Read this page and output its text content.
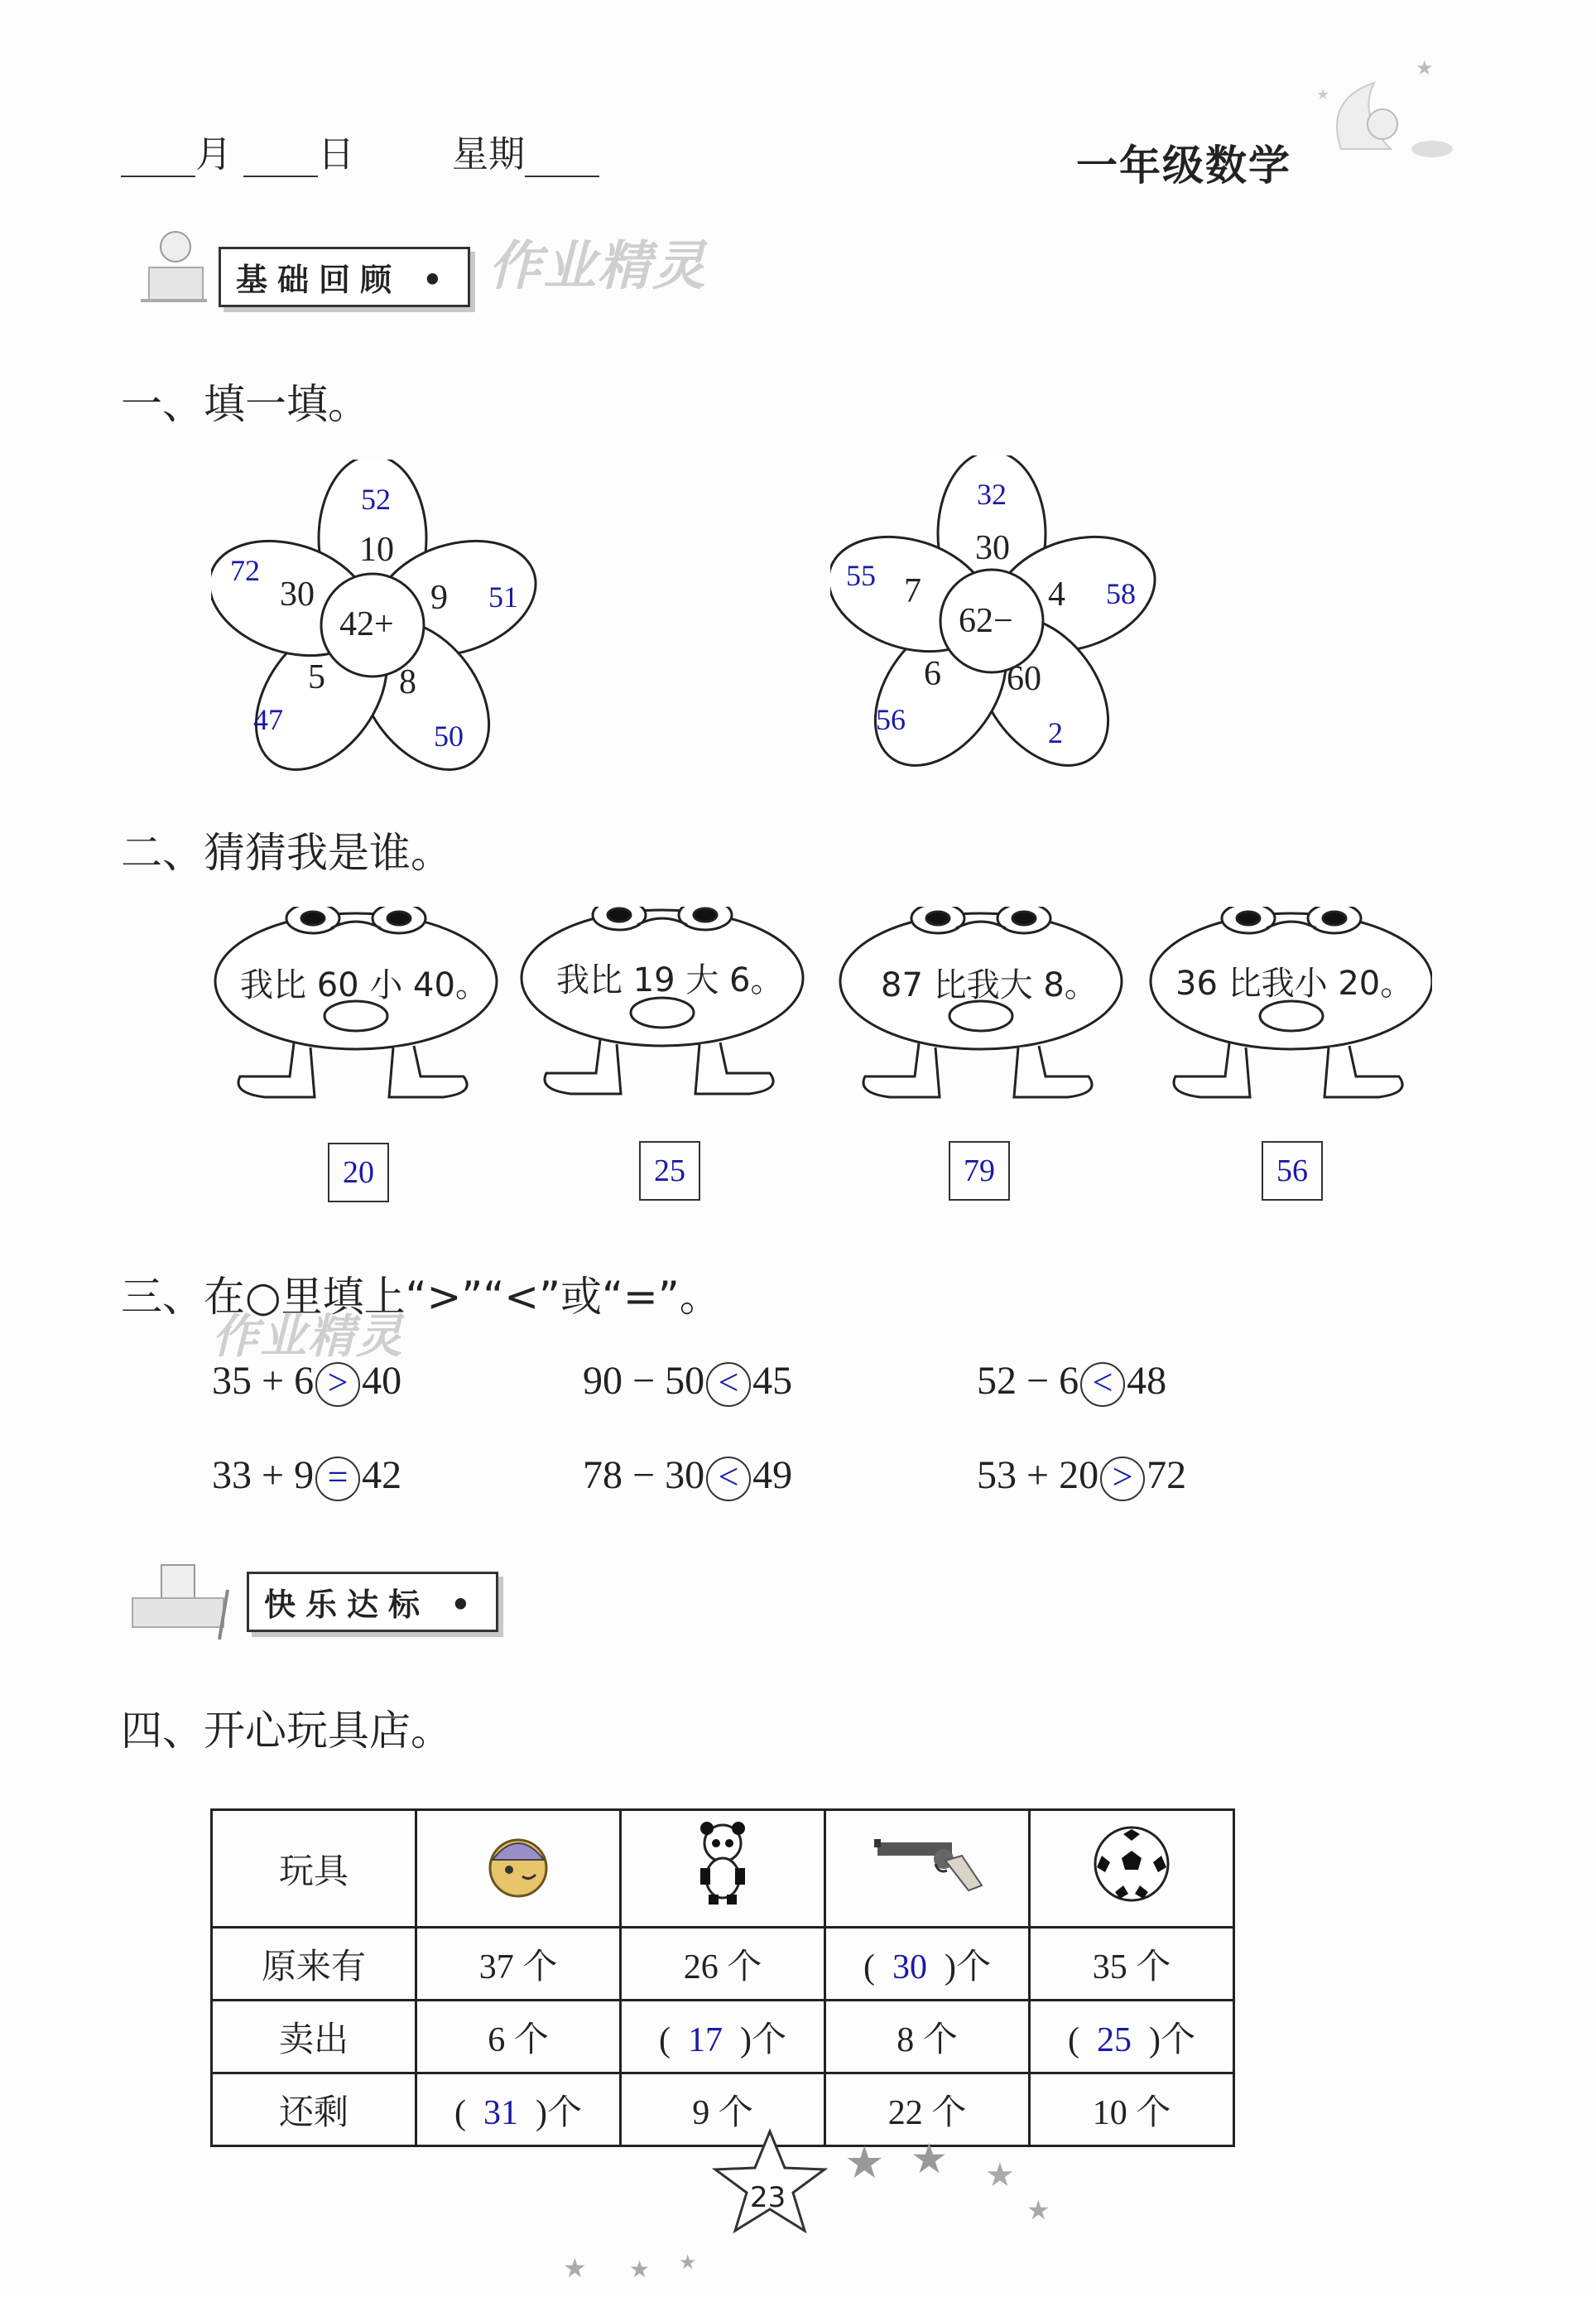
月 日	星期	一年级数学
★
★
基础回顾 • 作业精灵
一、填一填。
42+
10
9
8
5
30
52
51
50
47
72
62−
30
4
60
6
7
32
58
2
56
55
二、猜猜我是谁。
我比 60 小 40。 我比 19 大 6。	87 比我大 8。 36 比我小 20。
20	25	79	56
三、在○里填上“>”“<”或“=”。
作业精灵
35 + 6 > 40	90 − 50 < 45	52 − 6 < 48
33 + 9 = 42	78 − 30 < 49	53 + 20 > 72
快乐达标 •
四、开心玩具店。
玩具				
原来有	37 个	26 个	(  30  )个	35 个
卖出	6 个	(  17  )个	8 个	(  25  )个
还剩	(  31  )个	9 个	22 个	10 个
★ ★ ★
★
★ ★ ★
23
